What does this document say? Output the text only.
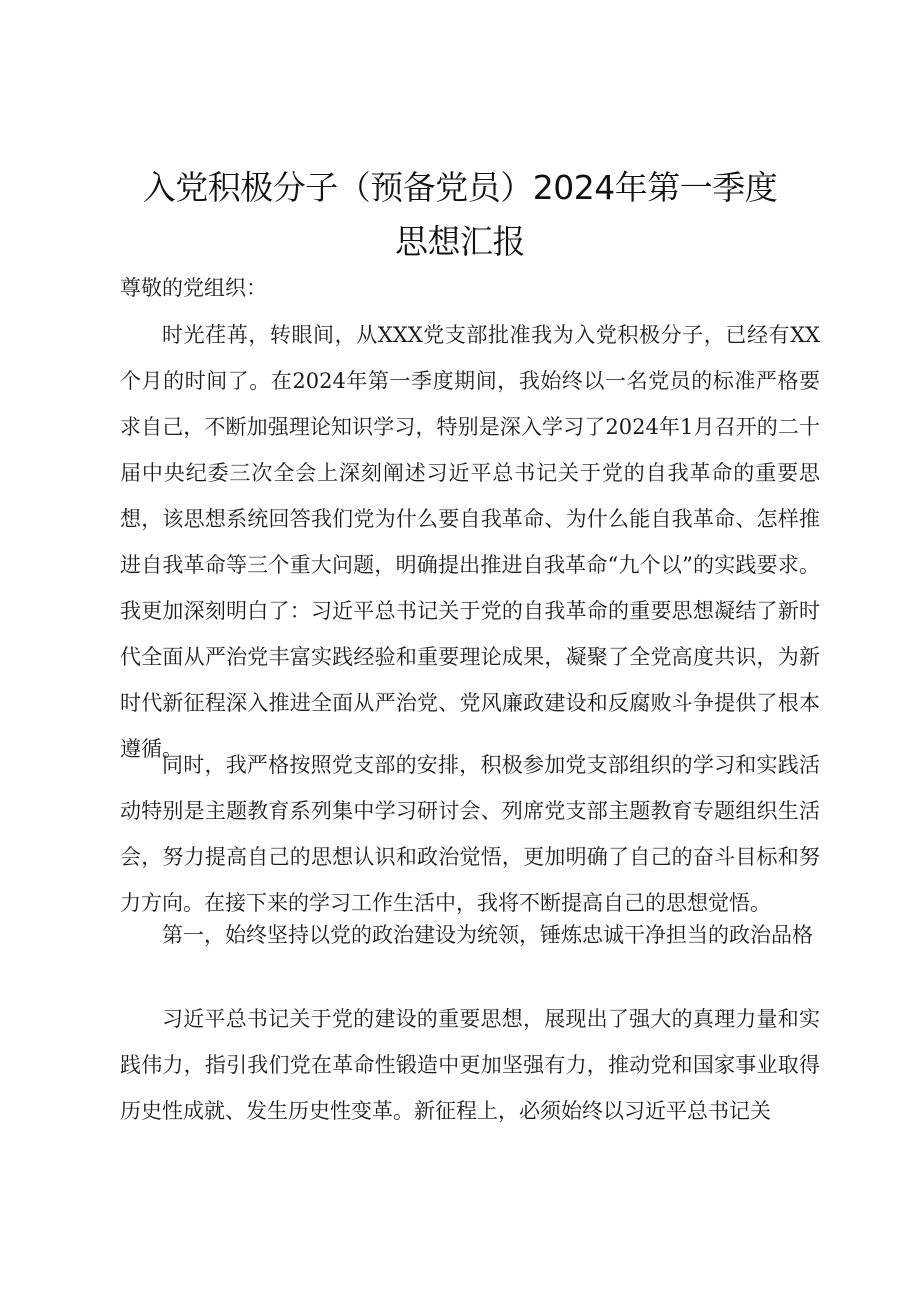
入党积极分子（预备党员）2024年第一季度
思想汇报
尊敬的党组织：

时光荏苒，转眼间，从XXX党支部批准我为入党积极分子，已经有XX个月的时间了。在2024年第一季度期间，我始终以一名党员的标准严格要求自己，不断加强理论知识学习，特别是深入学习了2024年1月召开的二十届中央纪委三次全会上深刻阐述习近平总书记关于党的自我革命的重要思想，该思想系统回答我们党为什么要自我革命、为什么能自我革命、怎样推进自我革命等三个重大问题，明确提出推进自我革命“九个以”的实践要求。我更加深刻明白了：习近平总书记关于党的自我革命的重要思想凝结了新时代全面从严治党丰富实践经验和重要理论成果，凝聚了全党高度共识，为新时代新征程深入推进全面从严治党、党风廉政建设和反腐败斗争提供了根本遵循。

同时，我严格按照党支部的安排，积极参加党支部组织的学习和实践活动特别是主题教育系列集中学习研讨会、列席党支部主题教育专题组织生活会，努力提高自己的思想认识和政治觉悟，更加明确了自己的奋斗目标和努力方向。在接下来的学习工作生活中，我将不断提高自己的思想觉悟。

第一，始终坚持以党的政治建设为统领，锤炼忠诚干净担当的政治品格

习近平总书记关于党的建设的重要思想，展现出了强大的真理力量和实践伟力，指引我们党在革命性锻造中更加坚强有力，推动党和国家事业取得历史性成就、发生历史性变革。新征程上，必须始终以习近平总书记关
